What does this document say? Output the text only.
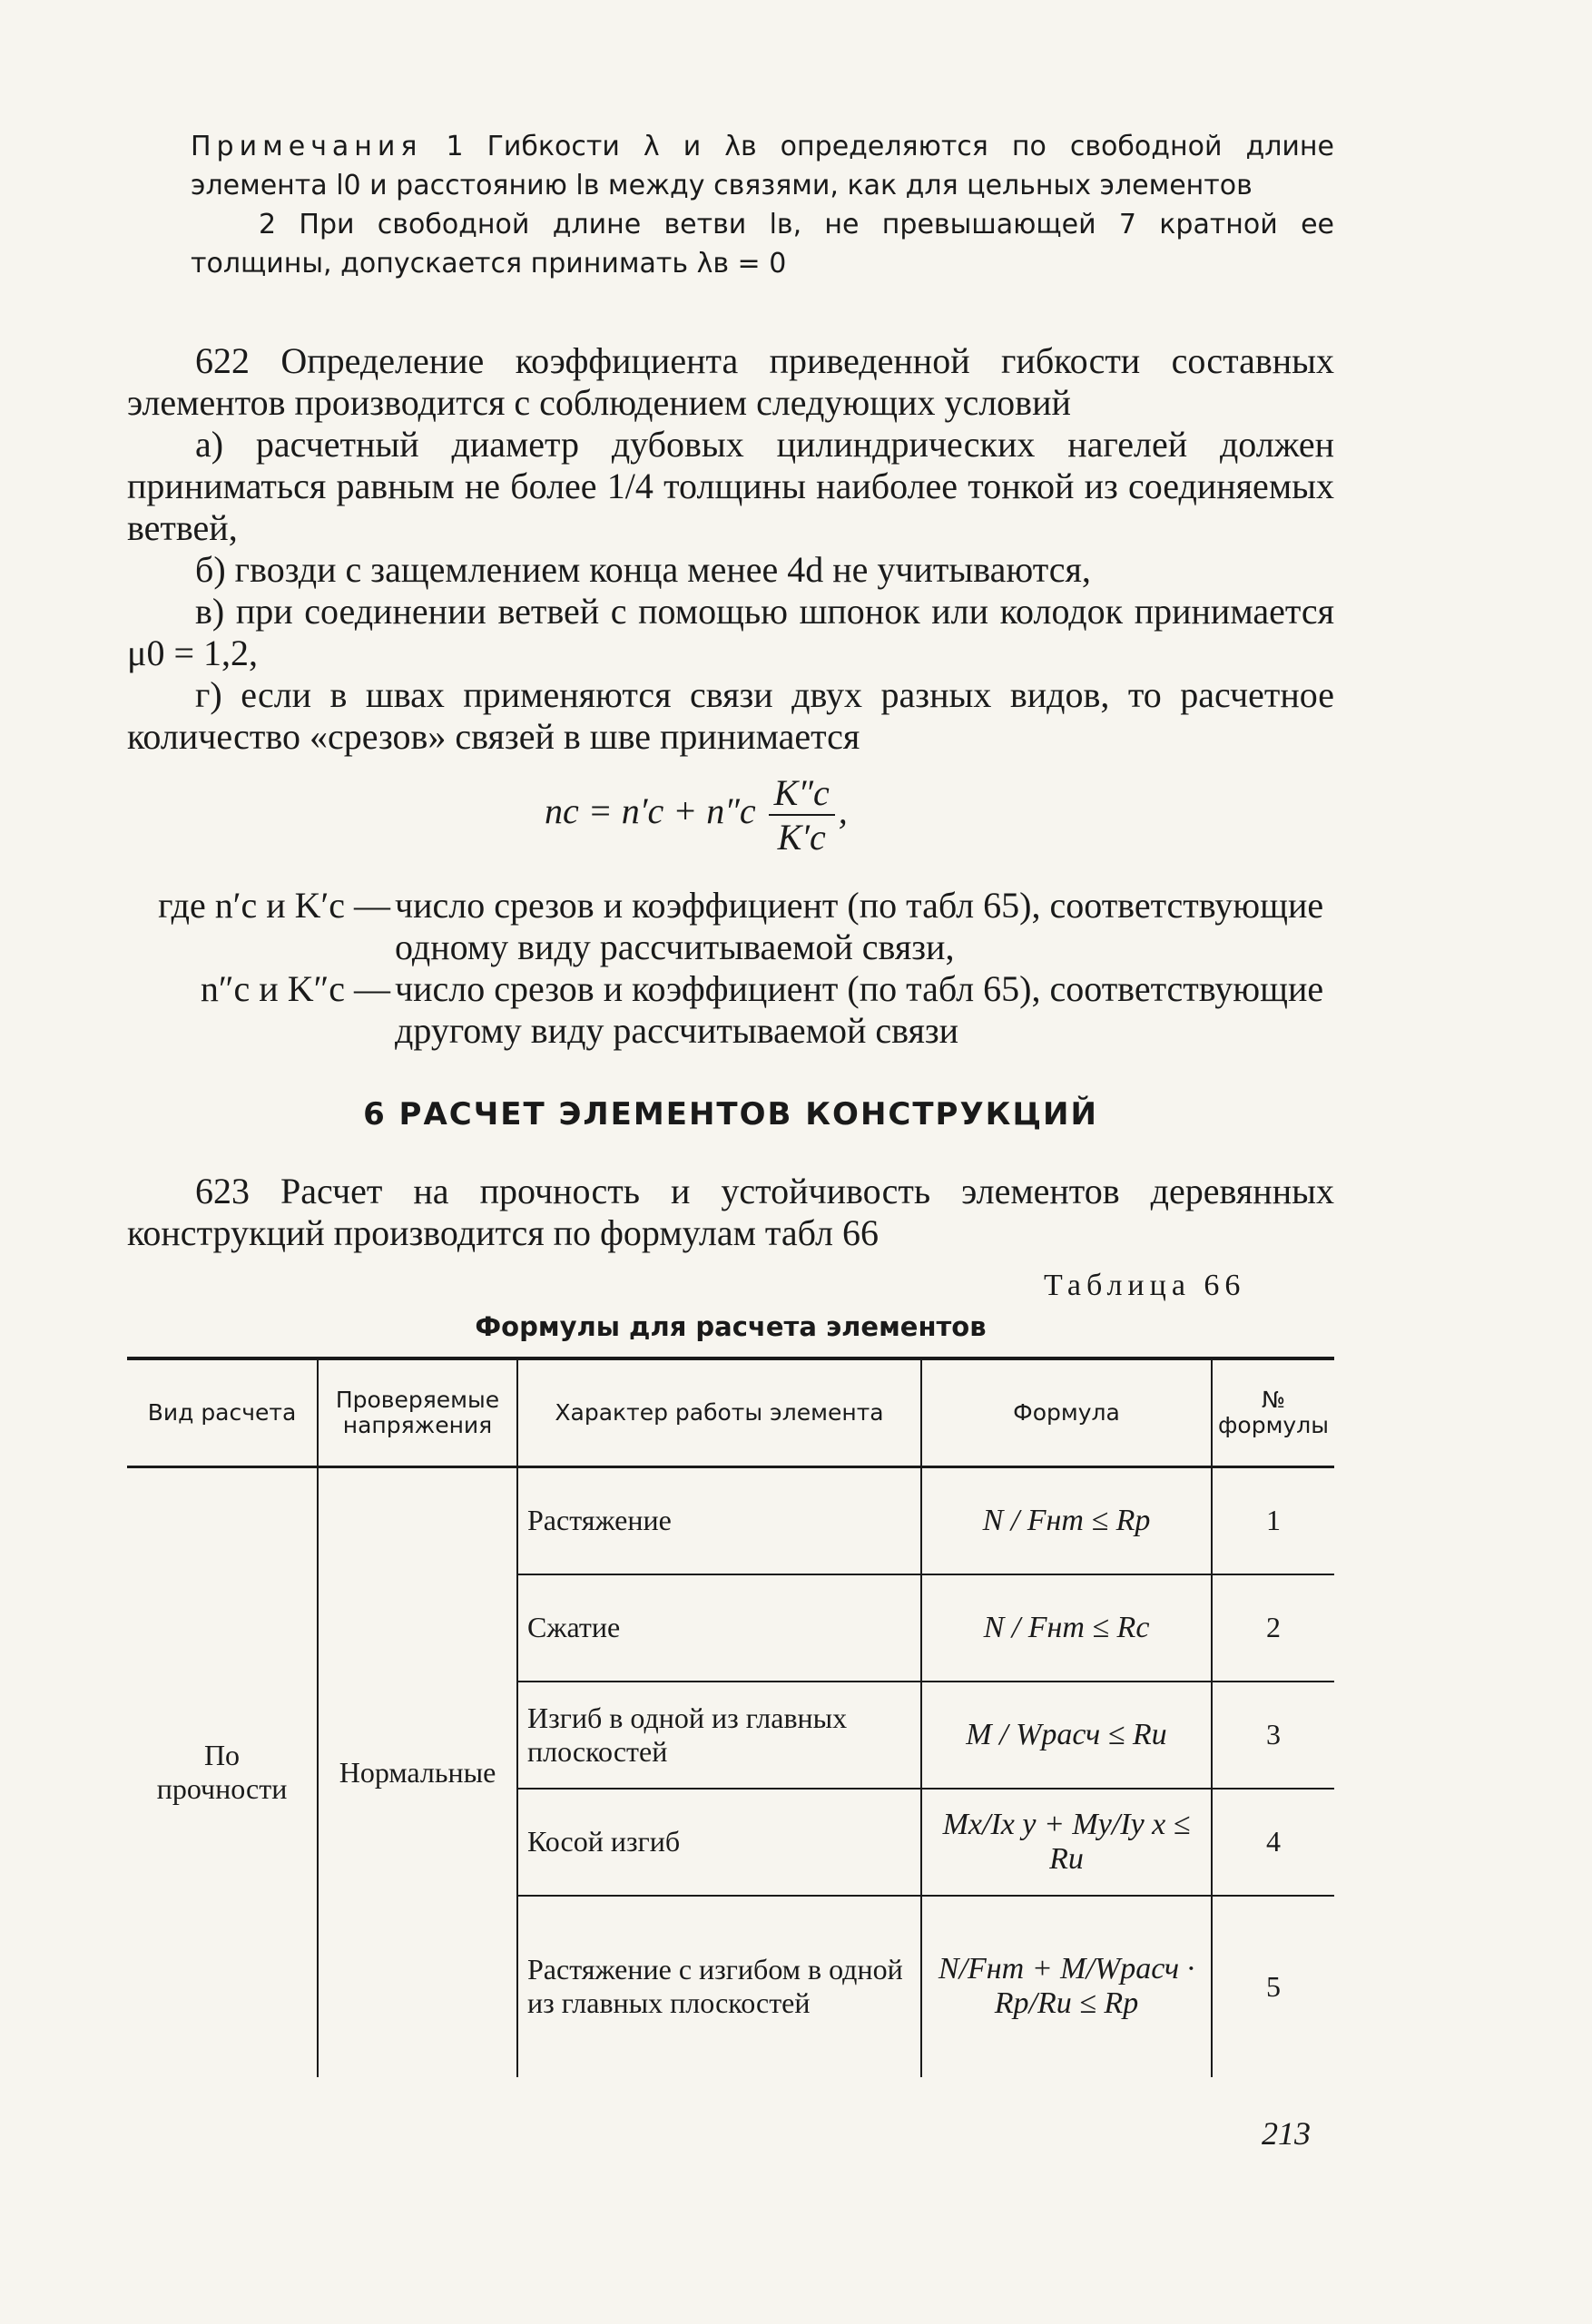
Примечания 1 Гибкости λ и λв определяются по свободной длине элемента l0 и расстоянию lв между связями, как для цельных элементов

2 При свободной длине ветви lв, не превышающей 7 кратной ее толщины, допускается принимать λв = 0

622 Определение коэффициента приведенной гибкости составных элементов производится с соблюдением следующих условий

а) расчетный диаметр дубовых цилиндрических нагелей должен приниматься равным не более 1/4 толщины наиболее тонкой из соединяемых ветвей,

б) гвозди с защемлением конца менее 4d не учитываются,

в) при соединении ветвей с помощью шпонок или колодок принимается μ0 = 1,2,

г) если в швах применяются связи двух разных видов, то расчетное количество «срезов» связей в шве принимается

nс = $n'с + n''с \frac{K''с}{K'с}$ ,
где n′с и K′с — число срезов и коэффициент (по табл 65), соответствующие одному виду рассчитываемой связи,
n″с и K″с — число срезов и коэффициент (по табл 65), соответствующие другому виду рассчитываемой связи
6 РАСЧЕТ ЭЛЕМЕНТОВ КОНСТРУКЦИЙ

623 Расчет на прочность и устойчивость элементов деревянных конструкций производится по формулам табл 66

Таблица 66
Формулы для расчета элементов
Вид расчета	Проверяемые напряжения	Характер работы элемента	Формула	№ формулы
По прочности	Нормальные	Растяжение	N / Fнт ≤ Rр	1
		Сжатие	N / Fнт ≤ Rс	2
		Изгиб в одной из главных плоскостей	M / Wрасч ≤ Rи	3
		Косой изгиб	Mx/Ix y + My/Iy x ≤ Rи	4
		Растяжение с изгибом в одной из главных плоскостей	N/Fнт + M/Wрасч · Rр/Rи ≤ Rр	5
213
